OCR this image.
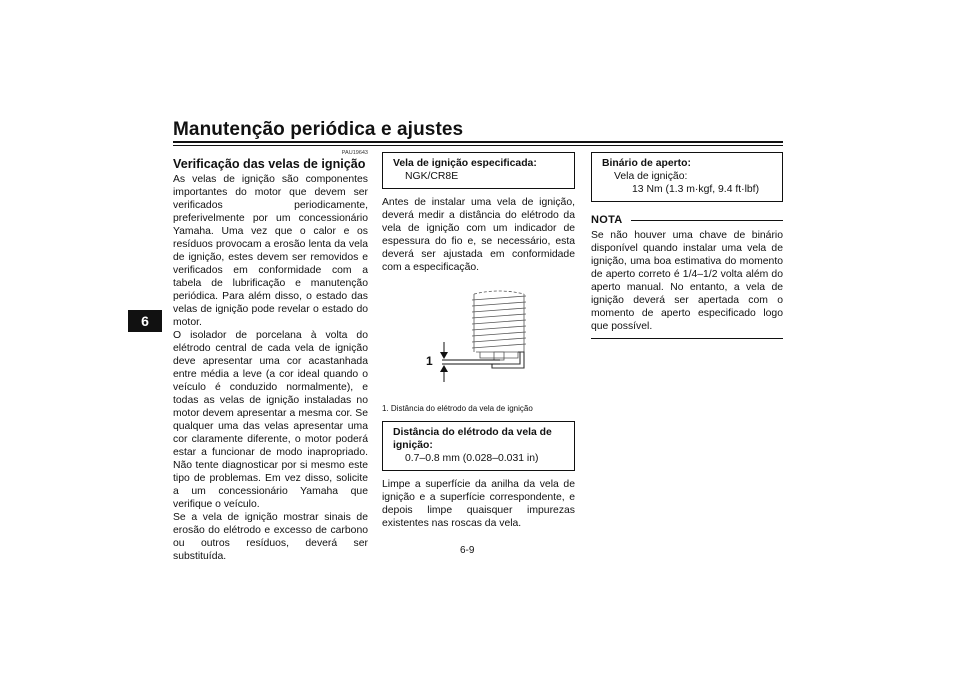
Manutenção periódica e ajustes
6
PAU19643
Verificação das velas de ignição

As velas de ignição são componentes importantes do motor que devem ser verificados periodicamente, preferivelmente por um concessionário Yamaha. Uma vez que o calor e os resíduos provocam a erosão lenta da vela de ignição, estes devem ser removidos e verificados em conformidade com a tabela de lubrificação e manutenção periódica. Para além disso, o estado das velas de ignição pode revelar o estado do motor.

O isolador de porcelana à volta do elétrodo central de cada vela de ignição deve apresentar uma cor acastanhada entre média a leve (a cor ideal quando o veículo é conduzido normalmente), e todas as velas de ignição instaladas no motor devem apresentar a mesma cor. Se qualquer uma das velas apresentar uma cor claramente diferente, o motor poderá estar a funcionar de modo inapropriado. Não tente diagnosticar por si mesmo este tipo de problemas. Em vez disso, solicite a um concessionário Yamaha que verifique o veículo.

Se a vela de ignição mostrar sinais de erosão do elétrodo e excesso de carbono ou outros resíduos, deverá ser substituída.

Vela de ignição especificada:
NGK/CR8E

Antes de instalar uma vela de ignição, deverá medir a distância do elétrodo da vela de ignição com um indicador de espessura do fio e, se necessário, esta deverá ser ajustada em conformidade com a especificação.

1
1. Distância do elétrodo da vela de ignição
Distância do elétrodo da vela de ignição:
0.7–0.8 mm (0.028–0.031 in)

Limpe a superfície da anilha da vela de ignição e a superfície correspondente, e depois limpe quaisquer impurezas existentes nas roscas da vela.

Binário de aperto:
Vela de ignição:
13 Nm (1.3 m·kgf, 9.4 ft·lbf)
NOTA

Se não houver uma chave de binário disponível quando instalar uma vela de ignição, uma boa estimativa do momento de aperto correto é 1/4–1/2 volta além do aperto manual. No entanto, a vela de ignição deverá ser apertada com o momento de aperto especificado logo que possível.

6-9
